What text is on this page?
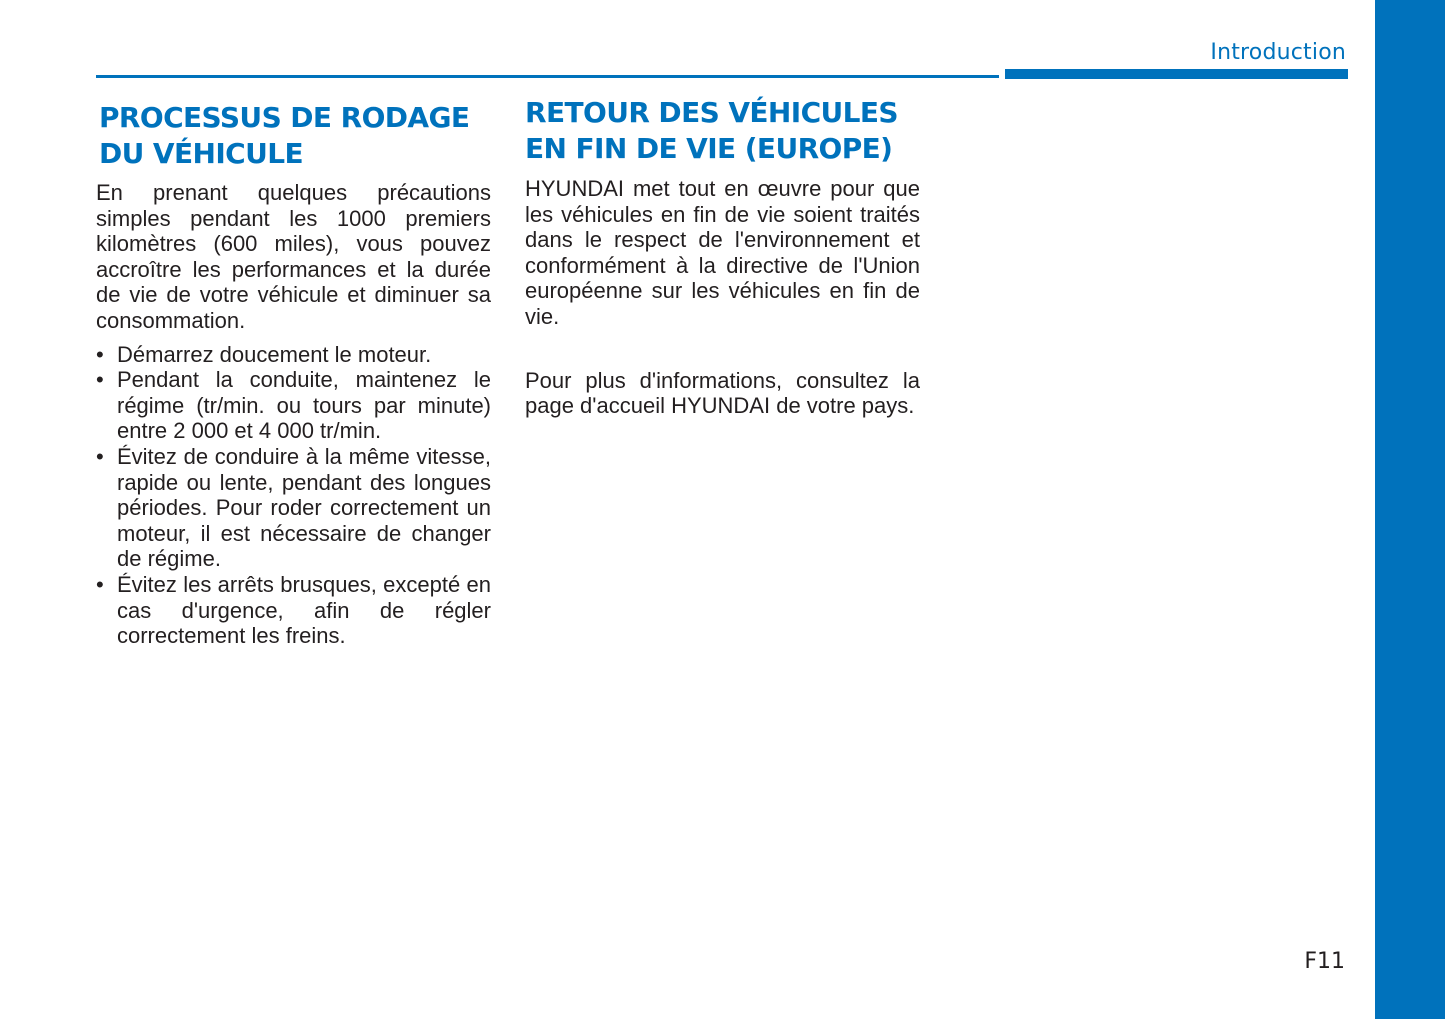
Introduction
PROCESSUS DE RODAGE DU VÉHICULE

En prenant quelques précautions simples pendant les 1000 premiers kilomètres (600 miles), vous pouvez accroître les performances et la durée de vie de votre véhicule et diminuer sa consommation.

• Démarrez doucement le moteur.
• Pendant la conduite, maintenez le régime (tr/min. ou tours par minute) entre 2 000 et 4 000 tr/min.
• Évitez de conduire à la même vitesse, rapide ou lente, pendant des longues périodes. Pour roder correctement un moteur, il est nécessaire de changer de régime.
• Évitez les arrêts brusques, excepté en cas d'urgence, afin de régler correctement les freins.
RETOUR DES VÉHICULES EN FIN DE VIE (EUROPE)

HYUNDAI met tout en œuvre pour que les véhicules en fin de vie soient traités dans le respect de l'environnement et conformément à la directive de l'Union européenne sur les véhicules en fin de vie.

Pour plus d'informations, consultez la page d'accueil HYUNDAI de votre pays.

F11
